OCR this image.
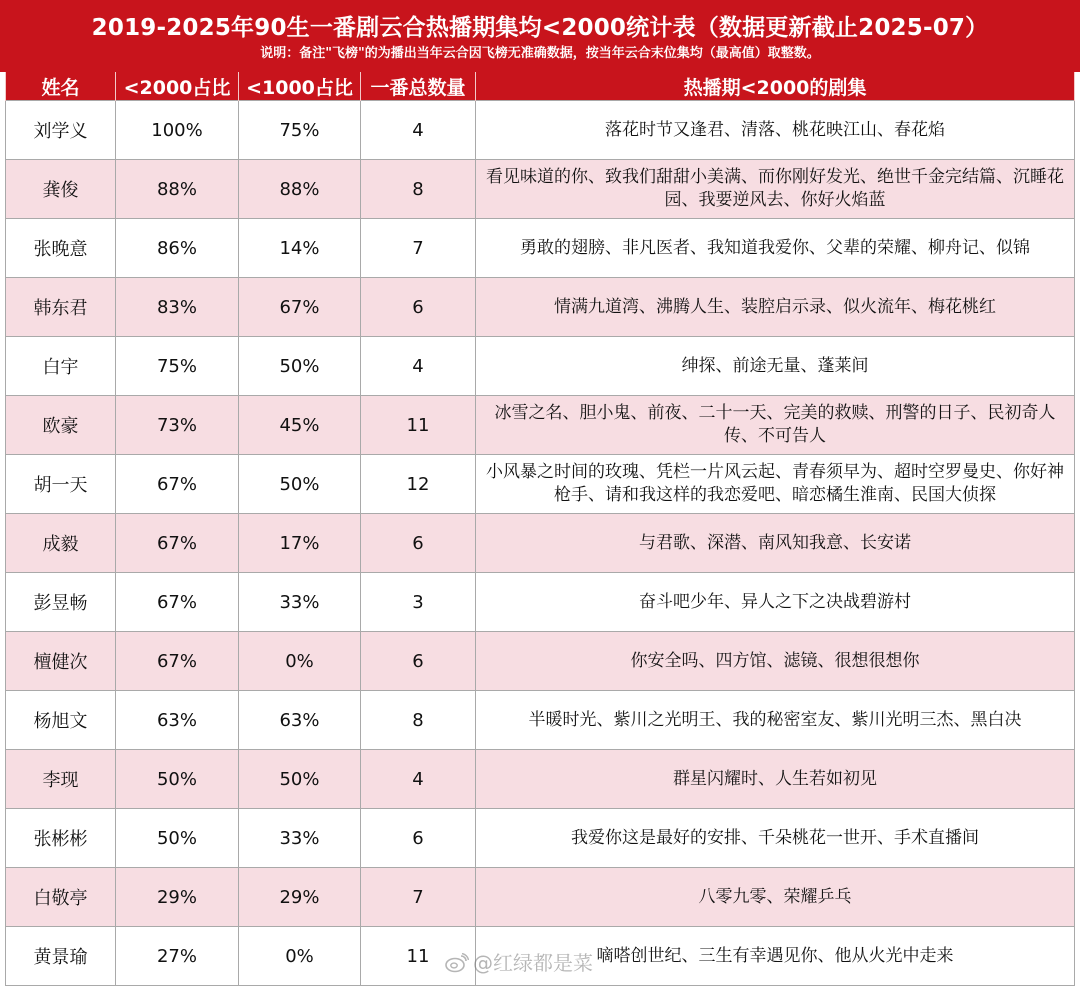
2019-2025年90生一番剧云合热播期集均<2000统计表（数据更新截止2025-07）
说明：备注"飞榜"的为播出当年云合因飞榜无准确数据，按当年云合末位集均（最高值）取整数。
姓名	<2000占比	<1000占比	一番总数量	热播期<2000的剧集
刘学义	100%	75%	4	落花时节又逢君、清落、桃花映江山、春花焰
龚俊	88%	88%	8	看见味道的你、致我们甜甜小美满、而你刚好发光、绝世千金完结篇、沉睡花园、我要逆风去、你好火焰蓝
张晚意	86%	14%	7	勇敢的翅膀、非凡医者、我知道我爱你、父辈的荣耀、柳舟记、似锦
韩东君	83%	67%	6	情满九道湾、沸腾人生、装腔启示录、似火流年、梅花桃红
白宇	75%	50%	4	绅探、前途无量、蓬莱间
欧豪	73%	45%	11	冰雪之名、胆小鬼、前夜、二十一天、完美的救赎、刑警的日子、民初奇人传、不可告人
胡一天	67%	50%	12	小风暴之时间的玫瑰、凭栏一片风云起、青春须早为、超时空罗曼史、你好神枪手、请和我这样的我恋爱吧、暗恋橘生淮南、民国大侦探
成毅	67%	17%	6	与君歌、深潜、南风知我意、长安诺
彭昱畅	67%	33%	3	奋斗吧少年、异人之下之决战碧游村
檀健次	67%	0%	6	你安全吗、四方馆、滤镜、很想很想你
杨旭文	63%	63%	8	半暖时光、紫川之光明王、我的秘密室友、紫川光明三杰、黑白决
李现	50%	50%	4	群星闪耀时、人生若如初见
张彬彬	50%	33%	6	我爱你这是最好的安排、千朵桃花一世开、手术直播间
白敬亭	29%	29%	7	八零九零、荣耀乒乓
黄景瑜	27%	0%	11	嘀嗒创世纪、三生有幸遇见你、他从火光中走来
@红绿都是菜
